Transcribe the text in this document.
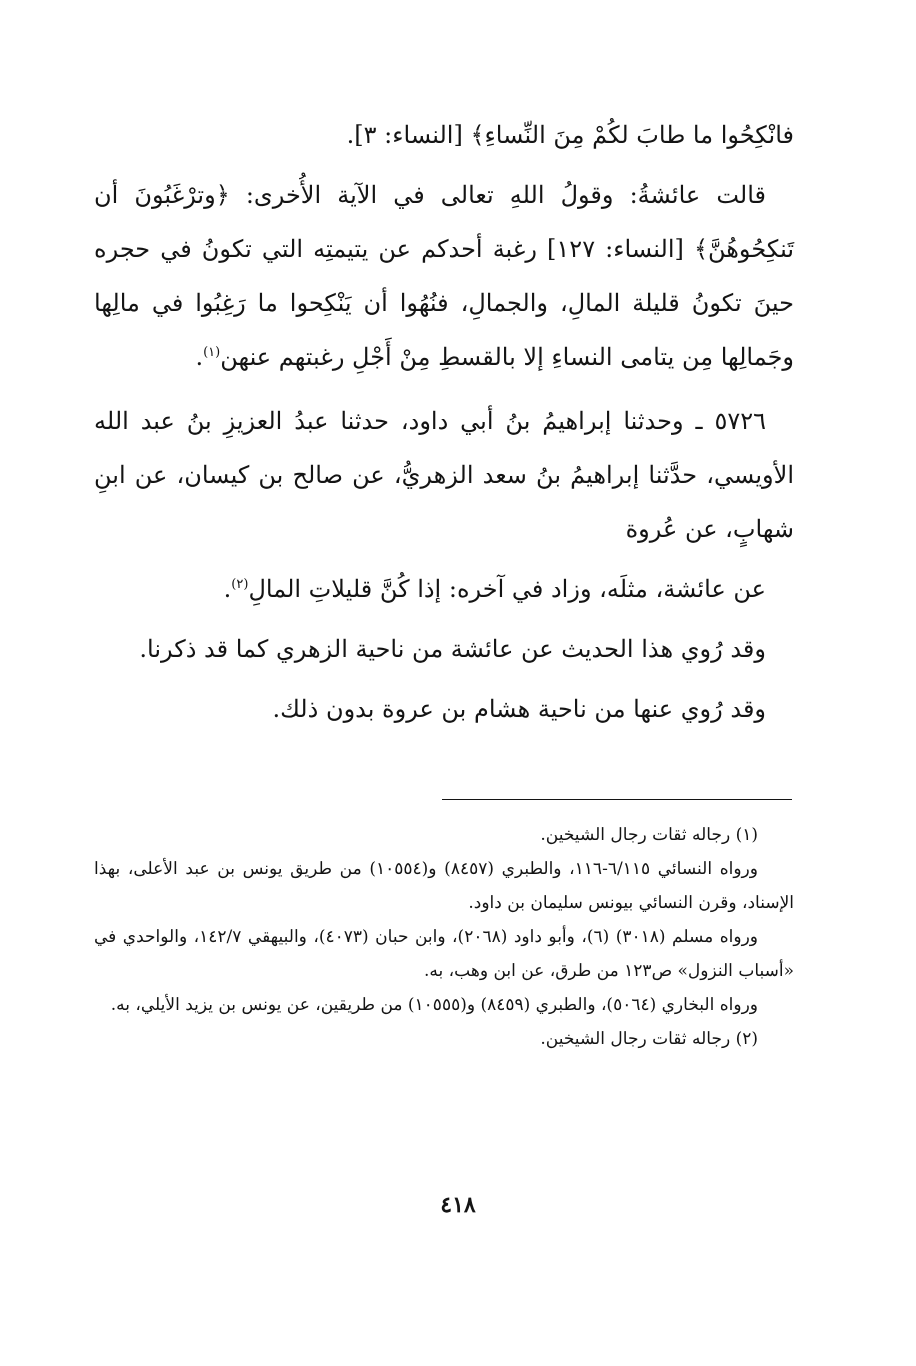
فانْكِحُوا ما طابَ لكُمْ مِنَ النِّساءِ﴾ [النساء: ٣].

قالت عائشةُ: وقولُ اللهِ تعالى في الآية الأُخرى: ﴿وترْغَبُونَ أن تَنكِحُوهُنَّ﴾ [النساء: ١٢٧] رغبة أحدكم عن يتيمتِه التي تكونُ في حجره حينَ تكونُ قليلة المالِ، والجمالِ، فنُهُوا أن يَنْكِحوا ما رَغِبُوا في مالِها وجَمالِها مِن يتامى النساءِ إلا بالقسطِ مِنْ أَجْلِ رغبتهم عنهن$^{(١)}$.

٥٧٢٦ ـ وحدثنا إبراهيمُ بنُ أبي داود، حدثنا عبدُ العزيزِ بنُ عبد الله الأويسي، حدَّثنا إبراهيمُ بنُ سعد الزهريُّ، عن صالح بن كيسان، عن ابنِ شهابٍ، عن عُروة

عن عائشة، مثلَه، وزاد في آخره: إذا كُنَّ قليلاتِ المالِ$^{(٢)}$.

وقد رُوي هذا الحديث عن عائشة من ناحية الزهري كما قد ذكرنا.

وقد رُوي عنها من ناحية هشام بن عروة بدون ذلك.

(١) رجاله ثقات رجال الشيخين.

ورواه النسائي ٦/١١٥-١١٦، والطبري (٨٤٥٧) و(١٠٥٥٤) من طريق يونس بن عبد الأعلى، بهذا الإسناد، وقرن النسائي بيونس سليمان بن داود.

ورواه مسلم (٣٠١٨) (٦)، وأبو داود (٢٠٦٨)، وابن حبان (٤٠٧٣)، والبيهقي ١٤٢/٧، والواحدي في «أسباب النزول» ص١٢٣ من طرق، عن ابن وهب، به.

ورواه البخاري (٥٠٦٤)، والطبري (٨٤٥٩) و(١٠٥٥٥) من طريقين، عن يونس بن يزيد الأيلي، به.

(٢) رجاله ثقات رجال الشيخين.

٤١٨
